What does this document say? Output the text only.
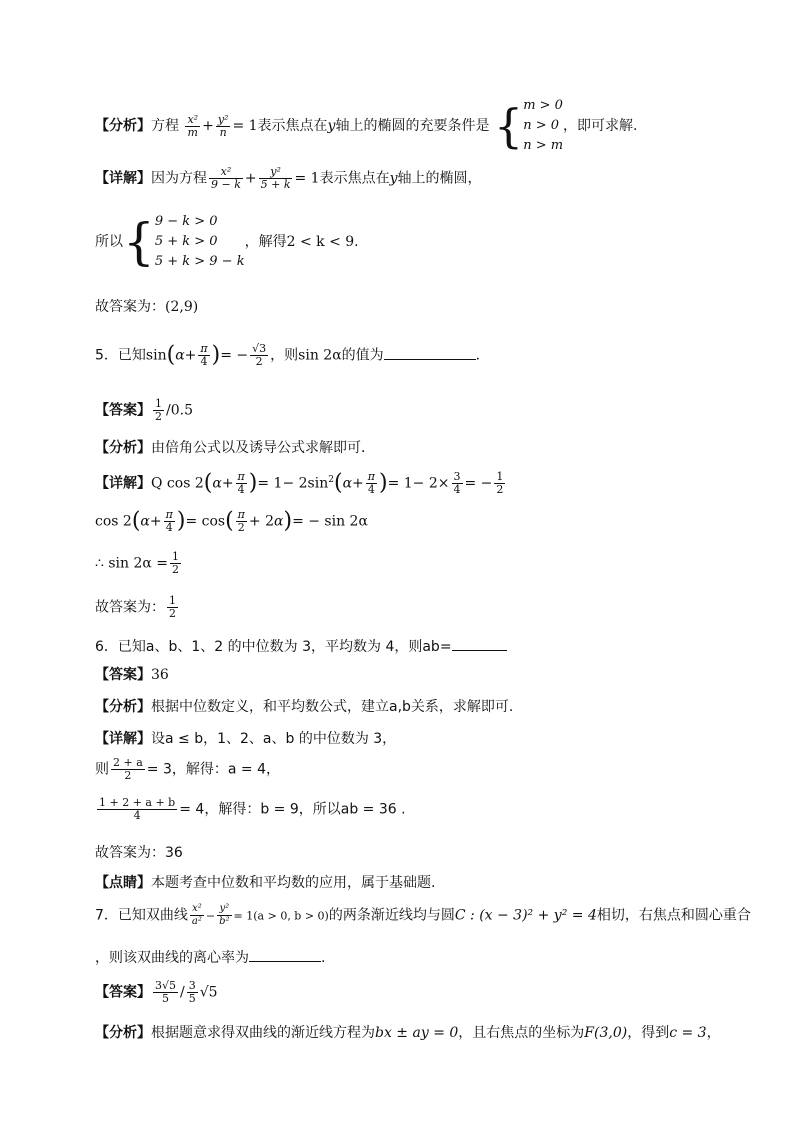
【分析】方程 $\frac{\text{x²}}{m} + \frac{\text{y²}}{n} = 1$表示焦点在y轴上的椭圆的充要条件是 { m > 0
n > 0
n > m
，即可求解.
【详解】因为方程 $\frac{\text{x²}}{9 - k} + \frac{\text{y²}}{5 + k} = 1$表示焦点在y轴上的椭圆，
所以{ 9 − k > 0
5 + k > 0
5 + k > 9 − k
，解得2 < k < 9.
故答案为：(2,9)
5．已知$\sin(\alpha+ \frac{\pi}{4}$ )= − $\frac{√3}{2}$ ，则sin 2α的值为	．
【答案】 $\frac{1}{2} /0.5$
【分析】由倍角公式以及诱导公式求解即可．
【详解】Q $\cos 2(\alpha+ \frac{\pi}{4}$ )= $1- 2\sin^2(\alpha+ \frac{\pi}{4}$ )= $1- 2\times \frac{3}{4}$ = − $\frac{1}{2}$
$\cos 2(\alpha+ \frac{\pi}{4}$ )= $\cos( \frac{\pi}{2} + 2\alpha)= - \sin 2\alpha$
∴ $\sin 2\alpha = \frac{1}{2}$
故答案为： $\frac{1}{2}$
6．已知a、b、1、2 的中位数为 3，平均数为 4，则ab=
【答案】36
【分析】根据中位数定义，和平均数公式，建立a,b关系，求解即可.
【详解】设a ≤ b，1、2、a、b 的中位数为 3，
则 $\frac{2 + a}{2} = 3$，解得：a = 4，
$\frac{1 + 2 + a + b}{4} = 4$，解得：b = 9，所以ab = 36 .
故答案为：36
【点睛】本题考查中位数和平均数的应用，属于基础题.
7．已知双曲线 $\frac{\text{x²}}{\text{a²}} - \frac{\text{y²}}{\text{b²}} = 1(a > 0$, b > 0)的两条渐近线均与圆C : (x − 3)² + y² = 4相切，右焦点和圆心重合
，则该双曲线的离心率为	.
【答案】 $\frac{3√5}{5} / \frac{3}{5} √5$
【分析】根据题意求得双曲线的渐近线方程为bx ± ay = 0，且右焦点的坐标为F(3,0)，得到c = 3，
